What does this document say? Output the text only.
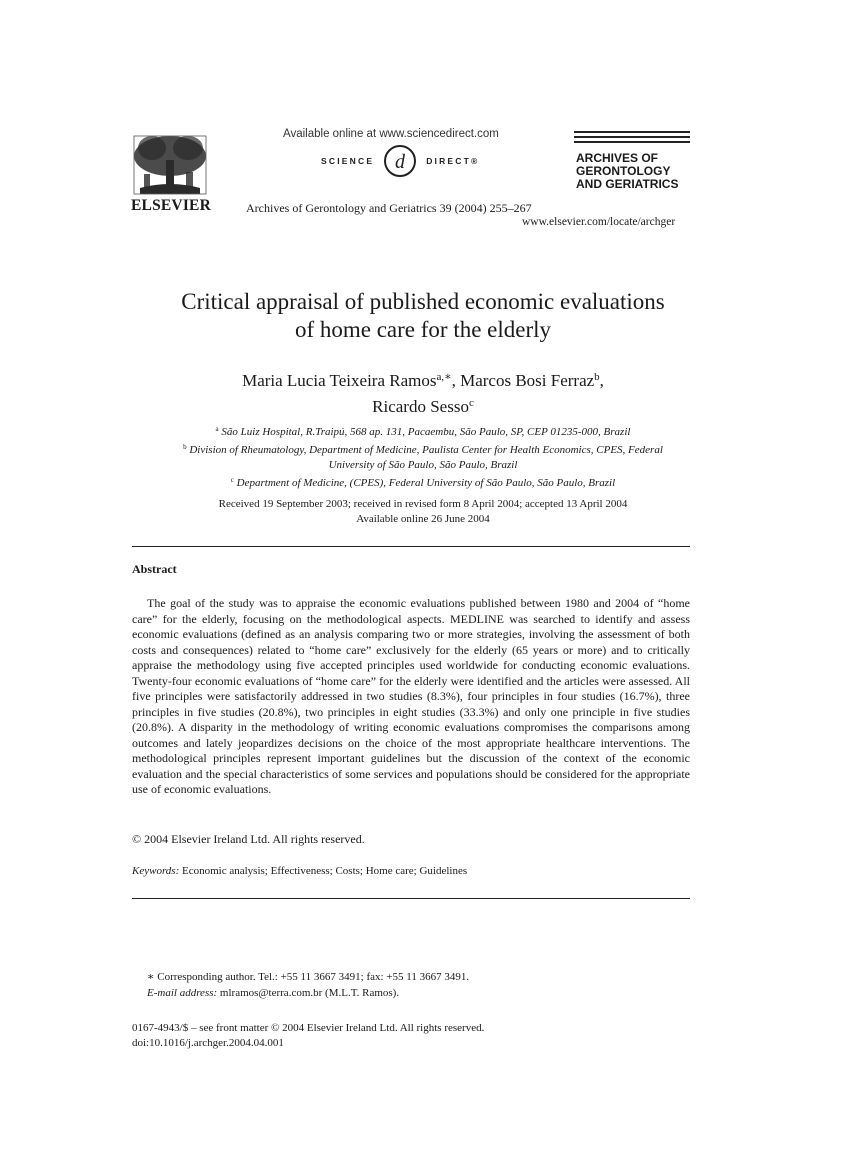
ELSEVIER
Available online at www.sciencedirect.com
SCIENCE d DIRECT®	ARCHIVES OF
GERONTOLOGY
AND GERIATRICS
Archives of Gerontology and Geriatrics 39 (2004) 255–267
www.elsevier.com/locate/archger
Critical appraisal of published economic evaluations
of home care for the elderly
Maria Lucia Teixeira Ramos$^{a,∗}$, Marcos Bosi Ferraz$^b$,
Ricardo Sesso$^c$
$^a$ São Luiz Hospital, R.Traipú, 568 ap. 131, Pacaembu, São Paulo, SP, CEP 01235-000, Brazil
$^b$ Division of Rheumatology, Department of Medicine, Paulista Center for Health Economics, CPES, Federal
University of São Paulo, São Paulo, Brazil
$^c$ Department of Medicine, (CPES), Federal University of São Paulo, São Paulo, Brazil
Received 19 September 2003; received in revised form 8 April 2004; accepted 13 April 2004
Available online 26 June 2004
Abstract

The goal of the study was to appraise the economic evaluations published between 1980 and 2004 of “home care” for the elderly, focusing on the methodological aspects. MEDLINE was searched to identify and assess economic evaluations (defined as an analysis comparing two or more strategies, involving the assessment of both costs and consequences) related to “home care” exclusively for the elderly (65 years or more) and to critically appraise the methodology using five accepted principles used worldwide for conducting economic evaluations. Twenty-four economic evaluations of “home care” for the elderly were identified and the articles were assessed. All five principles were satisfactorily addressed in two studies (8.3%), four principles in four studies (16.7%), three principles in five studies (20.8%), two principles in eight studies (33.3%) and only one principle in five studies (20.8%). A disparity in the methodology of writing economic evaluations compromises the comparisons among outcomes and lately jeopardizes decisions on the choice of the most appropriate healthcare interventions. The methodological principles represent important guidelines but the discussion of the context of the economic evaluation and the special characteristics of some services and populations should be considered for the appropriate use of economic evaluations.

© 2004 Elsevier Ireland Ltd. All rights reserved.
Keywords: Economic analysis; Effectiveness; Costs; Home care; Guidelines
∗ Corresponding author. Tel.: +55 11 3667 3491; fax: +55 11 3667 3491.
E-mail address: mlramos@terra.com.br (M.L.T. Ramos).
0167-4943/$ – see front matter © 2004 Elsevier Ireland Ltd. All rights reserved.
doi:10.1016/j.archger.2004.04.001
